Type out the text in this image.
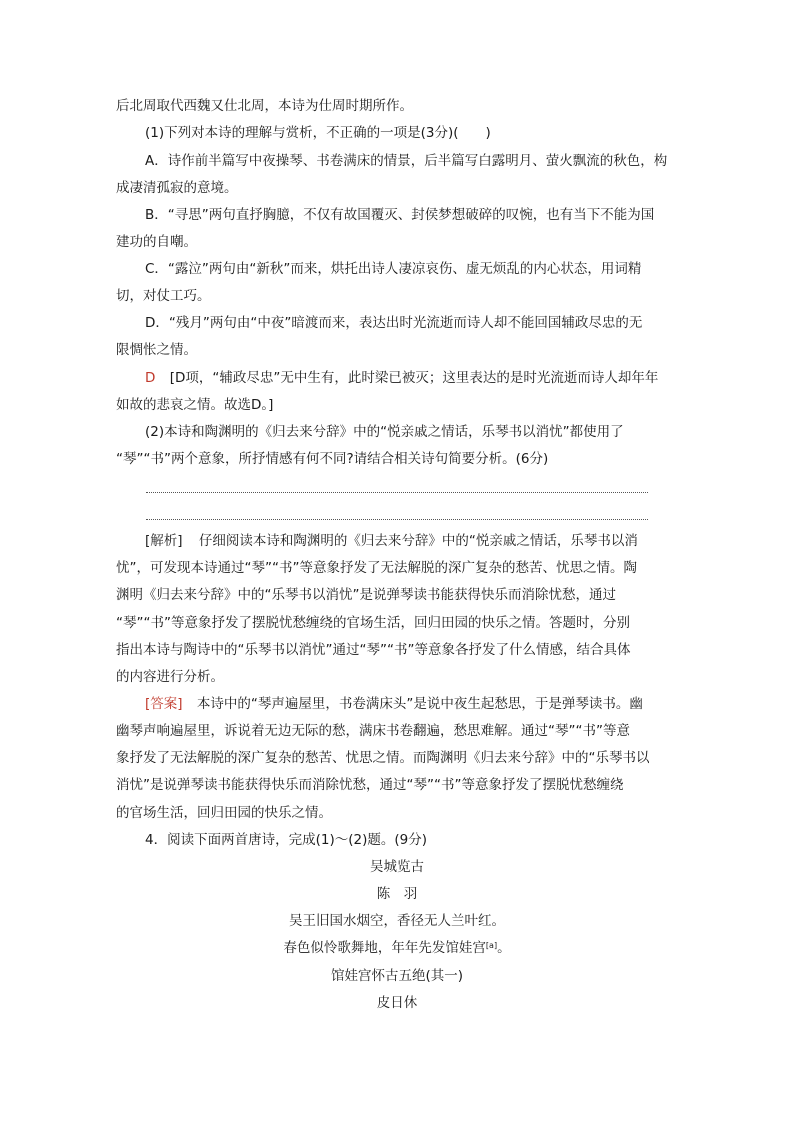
后北周取代西魏又仕北周，本诗为仕周时期所作。
(1)下列对本诗的理解与赏析，不正确的一项是(3分)(　　)
A．诗作前半篇写中夜操琴、书卷满床的情景，后半篇写白露明月、萤火飘流的秋色，构
成凄清孤寂的意境。
B．“寻思”两句直抒胸臆，不仅有故国覆灭、封侯梦想破碎的叹惋，也有当下不能为国
建功的自嘲。
C．“露泣”两句由“新秋”而来，烘托出诗人凄凉哀伤、虚无烦乱的内心状态，用词精
切，对仗工巧。
D．“残月”两句由“中夜”暗渡而来，表达出时光流逝而诗人却不能回国辅政尽忠的无
限惆怅之情。
D [D项，“辅政尽忠”无中生有，此时梁已被灭；这里表达的是时光流逝而诗人却年年
如故的悲哀之情。故选D。]
(2)本诗和陶渊明的《归去来兮辞》中的“悦亲戚之情话，乐琴书以消忧”都使用了
“琴”“书”两个意象，所抒情感有何不同?请结合相关诗句简要分析。(6分)
[解析] 仔细阅读本诗和陶渊明的《归去来兮辞》中的“悦亲戚之情话，乐琴书以消
忧”，可发现本诗通过“琴”“书”等意象抒发了无法解脱的深广复杂的愁苦、忧思之情。陶
渊明《归去来兮辞》中的“乐琴书以消忧”是说弹琴读书能获得快乐而消除忧愁，通过
“琴”“书”等意象抒发了摆脱忧愁缠绕的官场生活，回归田园的快乐之情。答题时，分别
指出本诗与陶诗中的“乐琴书以消忧”通过“琴”“书”等意象各抒发了什么情感，结合具体
的内容进行分析。
[答案] 本诗中的“琴声遍屋里，书卷满床头”是说中夜生起愁思，于是弹琴读书。幽
幽琴声响遍屋里，诉说着无边无际的愁，满床书卷翻遍，愁思难解。通过“琴”“书”等意
象抒发了无法解脱的深广复杂的愁苦、忧思之情。而陶渊明《归去来兮辞》中的“乐琴书以
消忧”是说弹琴读书能获得快乐而消除忧愁，通过“琴”“书”等意象抒发了摆脱忧愁缠绕
的官场生活，回归田园的快乐之情。
4．阅读下面两首唐诗，完成(1)～(2)题。(9分)
吴城览古
陈　羽
吴王旧国水烟空，香径无人兰叶红。
春色似怜歌舞地，年年先发馆娃宫[a]。
馆娃宫怀古五绝(其一)
皮日休
